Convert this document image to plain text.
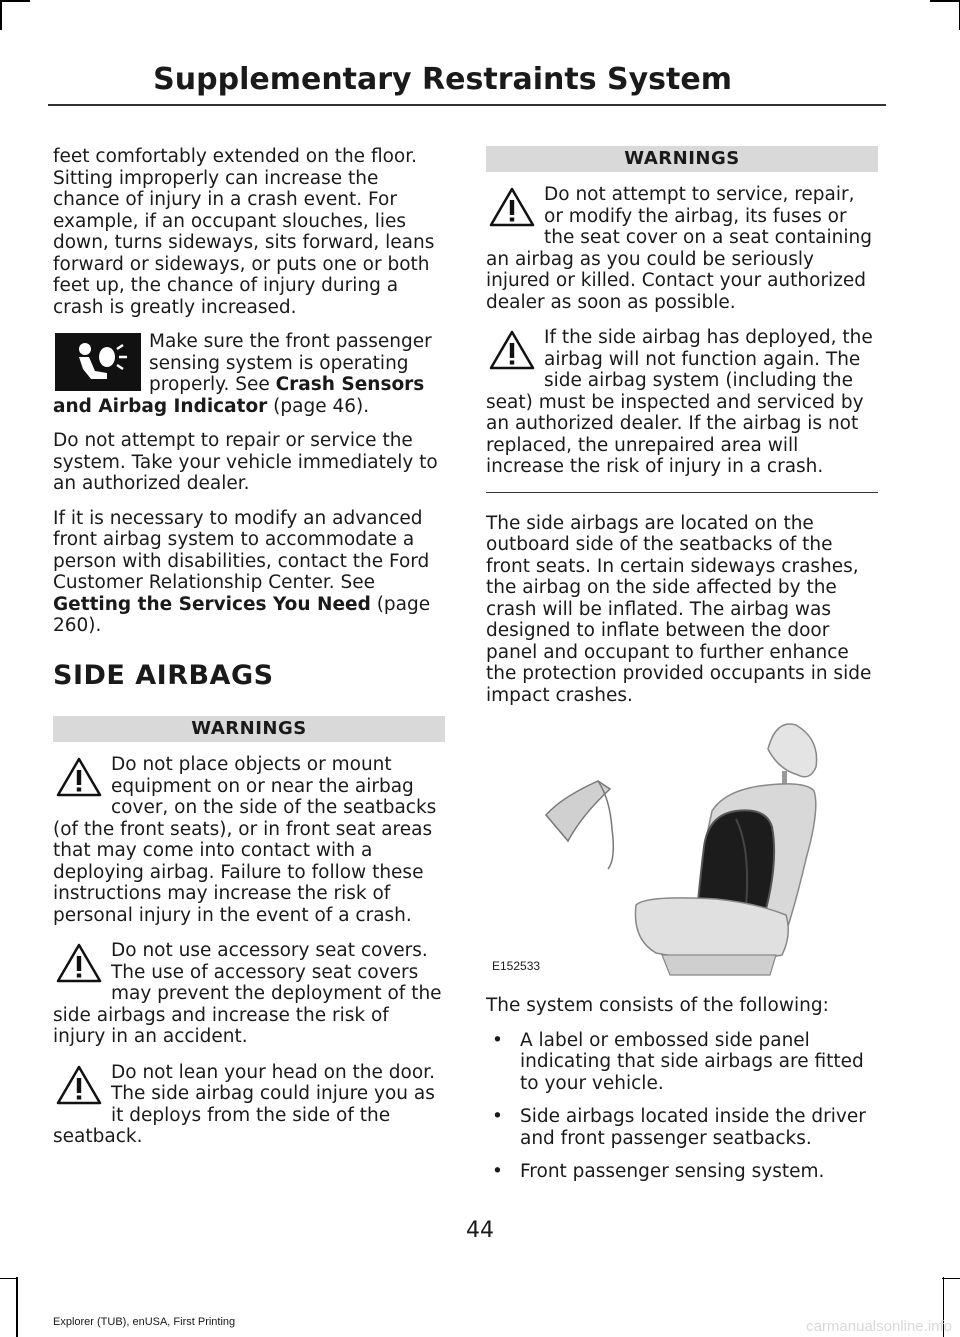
Supplementary Restraints System

feet comfortably extended on the floor. Sitting improperly can increase the chance of injury in a crash event. For example, if an occupant slouches, lies down, turns sideways, sits forward, leans forward or sideways, or puts one or both feet up, the chance of injury during a crash is greatly increased.

Make sure the front passenger sensing system is operating properly. See Crash Sensors and Airbag Indicator (page 46).

Do not attempt to repair or service the system. Take your vehicle immediately to an authorized dealer.

If it is necessary to modify an advanced front airbag system to accommodate a person with disabilities, contact the Ford Customer Relationship Center. See Getting the Services You Need (page 260).

SIDE AIRBAGS
WARNINGS
Do not place objects or mount equipment on or near the airbag cover, on the side of the seatbacks (of the front seats), or in front seat areas that may come into contact with a deploying airbag. Failure to follow these instructions may increase the risk of personal injury in the event of a crash.
Do not use accessory seat covers. The use of accessory seat covers may prevent the deployment of the side airbags and increase the risk of injury in an accident.
Do not lean your head on the door. The side airbag could injure you as it deploys from the side of the seatback.
WARNINGS
Do not attempt to service, repair, or modify the airbag, its fuses or the seat cover on a seat containing an airbag as you could be seriously injured or killed. Contact your authorized dealer as soon as possible.
If the side airbag has deployed, the airbag will not function again. The side airbag system (including the seat) must be inspected and serviced by an authorized dealer. If the airbag is not replaced, the unrepaired area will increase the risk of injury in a crash.

The side airbags are located on the outboard side of the seatbacks of the front seats. In certain sideways crashes, the airbag on the side affected by the crash will be inflated. The airbag was designed to inflate between the door panel and occupant to further enhance the protection provided occupants in side impact crashes.

E152533

The system consists of the following:

• A label or embossed side panel indicating that side airbags are fitted to your vehicle.
• Side airbags located inside the driver and front passenger seatbacks.
• Front passenger sensing system.
44
Explorer (TUB), enUSA, First Printing	carmanualsonline.info
